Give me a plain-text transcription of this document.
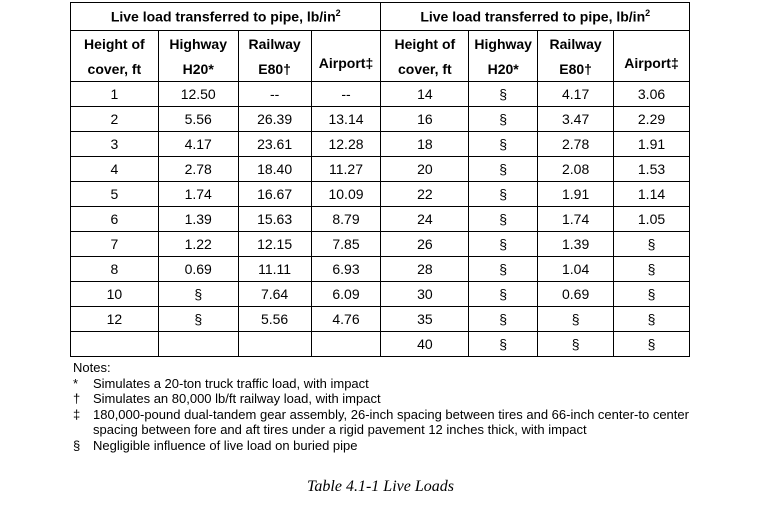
Live load transferred to pipe, $lb/in^2$				Live load transferred to pipe, $lb/in^2$
Height of	Highway	Railway	Airport‡	Height of	Highway	Railway	Airport‡
cover, ft	H20*	E80†		cover, ft	H20*	E80†	
1	12.50	--	--	14	§	4.17	3.06
2	5.56	26.39	13.14	16	§	3.47	2.29
3	4.17	23.61	12.28	18	§	2.78	1.91
4	2.78	18.40	11.27	20	§	2.08	1.53
5	1.74	16.67	10.09	22	§	1.91	1.14
6	1.39	15.63	8.79	24	§	1.74	1.05
7	1.22	12.15	7.85	26	§	1.39	§
8	0.69	11.11	6.93	28	§	1.04	§
10	§	7.64	6.09	30	§	0.69	§
12	§	5.56	4.76	35	§	§	§
				40	§	§	§
Notes:
*	Simulates a 20-ton truck traffic load, with impact
† Simulates an 80,000 lb/ft railway load, with impact
‡ 180,000-pound dual-tandem gear assembly, 26-inch spacing between tires and 66-inch center-to center spacing between fore and aft tires under a rigid pavement 12 inches thick, with impact
§ Negligible influence of live load on buried pipe
Table 4.1-1 Live Loads
